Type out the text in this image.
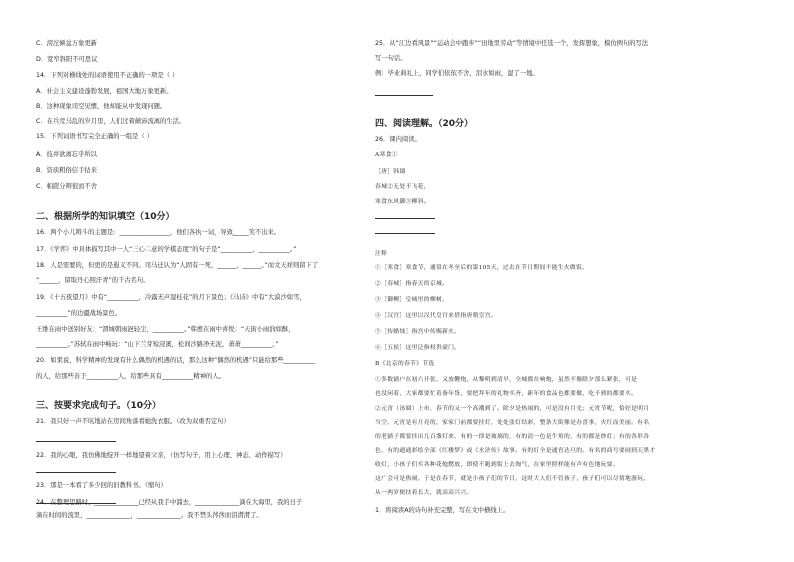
C．滂沱倾盆万象更新
D．宽窄斜阳不可思议
14．下列对横线处的词语使用不正确的一项是（ ）
A．社会主义建设蓬勃发展，祖国大地万象更新。
B．这种现象司空见惯，他却能从中发现问题。
C．在兵荒马乱的岁月里，人们过着颠沛流离的生活。
15．下列词语书写完全正确的一组是（ ）
A．技并欲离忘乎所以
B．资质粗俗信手拈来
C．帕蹉分辩很而不舍
二、根据所学的知识填空（10分）
16．两个小儿辩斗的主题是：________________，他们各执一词，导致_____笑不出来。
17．《学弈》中具体描写其中一人“三心二意的学棋态度”的句子是“__________，__________。”
18．人是需要的，但更的是遐义不同。司马迁认为“人固有一死，______，______。”而文天祥则留下了
“______，留取丹心照汗青”的千古名句。
19．《十五夜望月》中有“__________，冷露无声湿桂花”的月下景色；《马诗》中有“大漠沙如雪，
__________”的边疆战场景色。
王维在雨中送别好友：“渭城朝雨浥轻尘，__________。”韩愈在雨中喜悦：“天街小雨润如酥，
__________。”苏轼在雨中畅玩：“山下兰芽短浸溪，松间沙路净无泥，萧萧__________。”
20．如果说，科学精神的发现有什么偶然的机遇的话，那么这种“偶然的机遇”只能给那些__________
的人，给那些善于__________人，给那些具有__________精神的人。
三、按要求完成句子。（10分）
21．我只好一声不吭地站在房间角落看她洗衣服。（改为双重否定句）
22．我的心眼，我仿佛地绽开一样地望着父亲，（仿写句子，用上心理、神态、动作描写）
23．那是一本看了多少回的旧教科书。（缩句）
24．在整理思路时，______________已经从我手中溜去，______________滴在大海里，我的日子
滴在时间的流里，______________，______________。我不禁头涔涔而泪潸潸了。
25．从“江边看风景”“运动会中跑步”“田地里劳动”等情境中任选一个，发挥想象，模仿例句的写法
写一句话。
例：毕业典礼上，同学们依依不舍，泪水如雨，湿了一地。
四、阅读理解。（20分）
26．课内阅读。
A寒食①
［唐］韩翃
春城②无处不飞花，
寒食东风御③柳斜。
注释
①［寒食］寒食节，通常在冬至后的第105天，过去在节日期间不能生火做饭。
②［春城］指春天的京城。
③［御柳］皇城里的柳树。
④［汉宫］这里以汉代皇宫来借指唐朝皇宫。
⑤［传蜡烛］指宫中传赐新火。
⑥［五侯］这里泛指权贵豪门。
B《北京的春节》节选
①多数铺户在初六开张，又放鞭炮，从黎明到清早，全城都在响炮，虽然不像除夕那么紧张，可是
也没闲着，大家都要忙着备年货，要把拜年的礼物买齐，新年的食品也都要做，吃不到的都要买。
②元宵（汤圆）上市，春节的又一个高潮到了。除夕是热闹的，可是没有月光；元宵节呢，恰好是明月
当空。元宵是有月亮的，家家门前都要挂灯，处处张灯结彩，整条大街像是办喜事，火红而美丽。有名
的老铺子都要挂出几百盏灯来，有的一律是玻璃的，有的清一色是牛角的，有的都是纱灯；有的各形各
色，有的通通彩绘全部《红楼梦》或《水浒传》故事。有的灯全是通宵达旦的。有名的商号要闹到天黑才
收灯，小孩子们买各种花炮燃放，即使不跑到街上去淘气，在家里照样能有声有色地玩耍。
这广会可是热闹。于是在春节，就是小孩子们的节日，这时大人们不管孩子，孩子们可以尽情地游玩、
从一两岁便扶着长大，就高高兴兴。
1．将阅读A的诗句补充完整，写在文中横线上。
